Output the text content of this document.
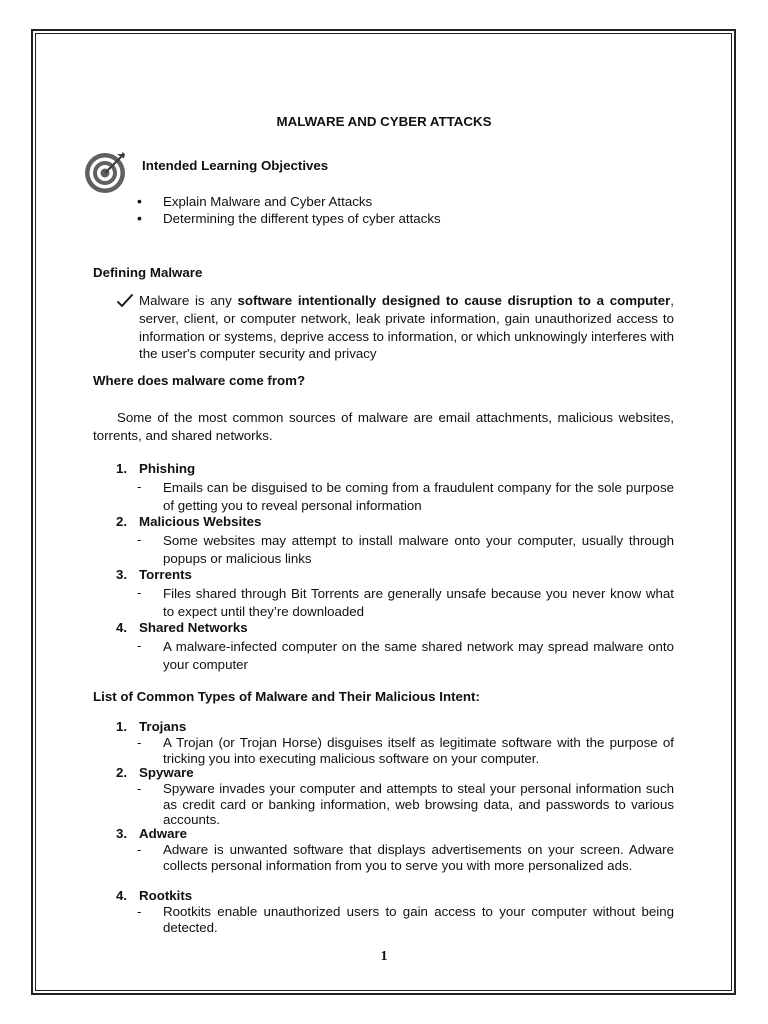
MALWARE AND CYBER ATTACKS
Intended Learning Objectives
• Explain Malware and Cyber Attacks
• Determining the different types of cyber attacks
Defining Malware
Malware is any software intentionally designed to cause disruption to a computer, server, client, or computer network, leak private information, gain unauthorized access to information or systems, deprive access to information, or which unknowingly interferes with the user's computer security and privacy
Where does malware come from?
Some of the most common sources of malware are email attachments, malicious websites, torrents, and shared networks.
1. Phishing
- Emails can be disguised to be coming from a fraudulent company for the sole purpose of getting you to reveal personal information
2. Malicious Websites
- Some websites may attempt to install malware onto your computer, usually through popups or malicious links
3. Torrents
- Files shared through Bit Torrents are generally unsafe because you never know what to expect until they’re downloaded
4. Shared Networks
- A malware-infected computer on the same shared network may spread malware onto your computer
List of Common Types of Malware and Their Malicious Intent:
1. Trojans
- A Trojan (or Trojan Horse) disguises itself as legitimate software with the purpose of tricking you into executing malicious software on your computer.
2. Spyware
- Spyware invades your computer and attempts to steal your personal information such as credit card or banking information, web browsing data, and passwords to various accounts.
3. Adware
- Adware is unwanted software that displays advertisements on your screen. Adware collects personal information from you to serve you with more personalized ads.
4. Rootkits
- Rootkits enable unauthorized users to gain access to your computer without being detected.
1
